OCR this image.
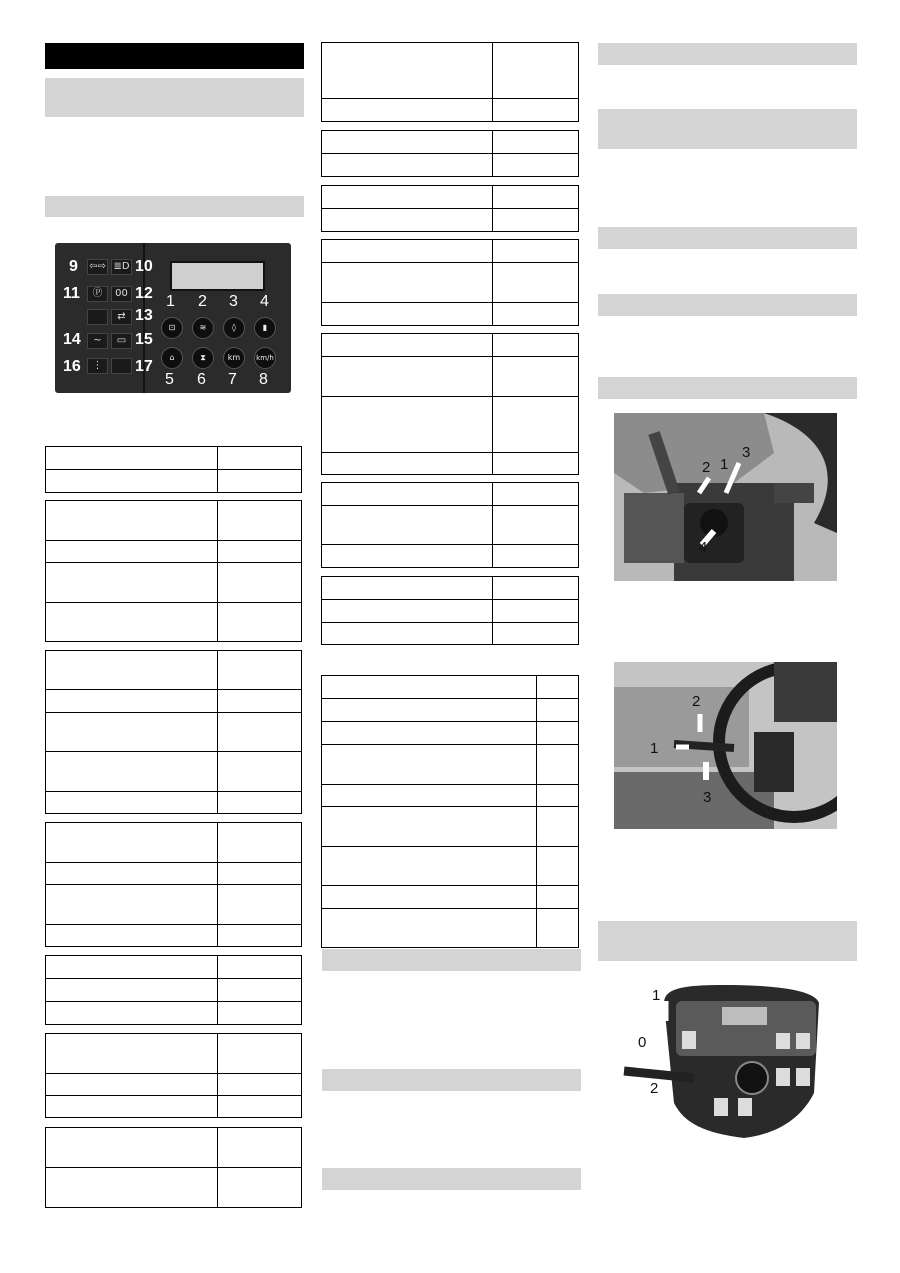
9
11
14
16
10
12
13
15
17
⇦⇨ ≣D
Ⓟ	00
⇄
~	▭
⋮
1 2 3 4
⊡	≋	◊	▮
⌂	⧗	km	km/h
5 6 7 8

2 1
3
4
2
1
3
1
0
2
